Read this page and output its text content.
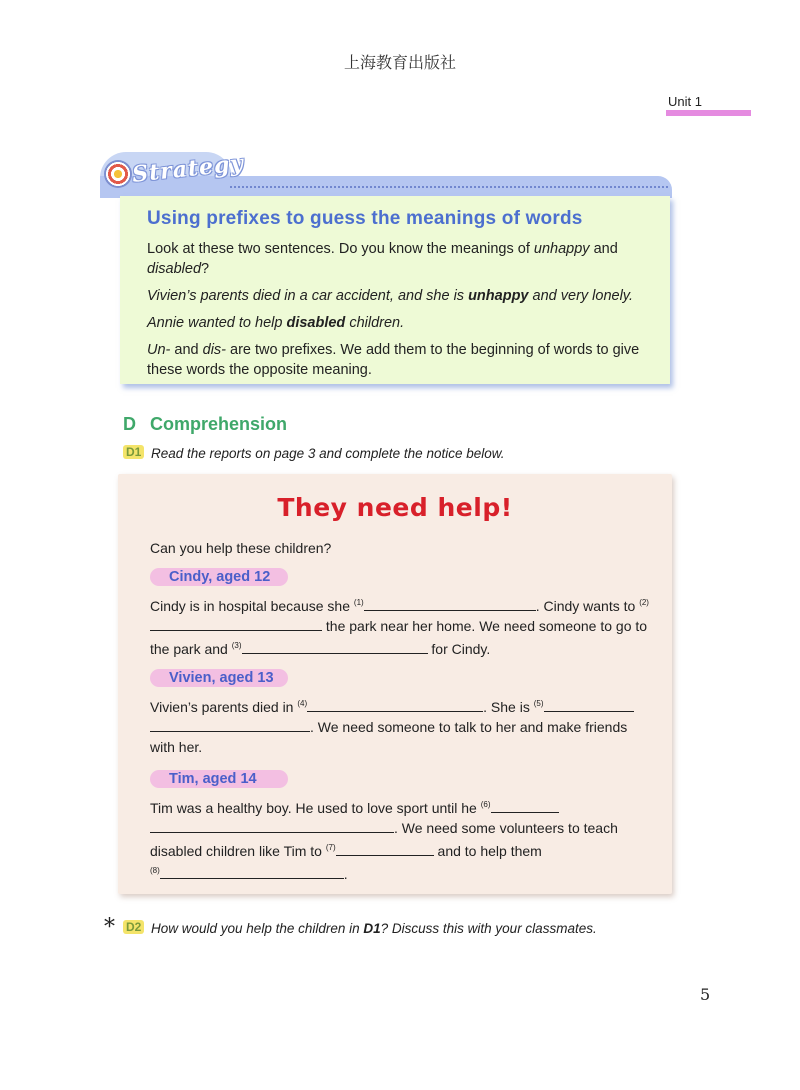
上海教育出版社
Unit 1
Strategy
Using prefixes to guess the meanings of words
Look at these two sentences. Do you know the meanings of unhappy and disabled?
Vivien’s parents died in a car accident, and she is unhappy and very lonely.
Annie wanted to help disabled children.
Un- and dis- are two prefixes. We add them to the beginning of words to give these words the opposite meaning.
D Comprehension
D1 Read the reports on page 3 and complete the notice below.
They need help!
Can you help these children?
Cindy, aged 12
Cindy is in hospital because she $^{(1)}$	. Cindy wants to $^{(2)}$ the park near her home. We need someone to go to the park and $^{(3)}$	for Cindy.
Vivien, aged 13
Vivien’s parents died in $^{(4)}$	. She is $^{(5)}$
. We need someone to talk to her and make friends with her.
Tim, aged 14
Tim was a healthy boy. He used to love sport until he $^{(6)}$
. We need some volunteers to teach disabled children like Tim to $^{(7)}$	and to help them
$^{(8)}$	.
* D2 How would you help the children in D1? Discuss this with your classmates.
5
